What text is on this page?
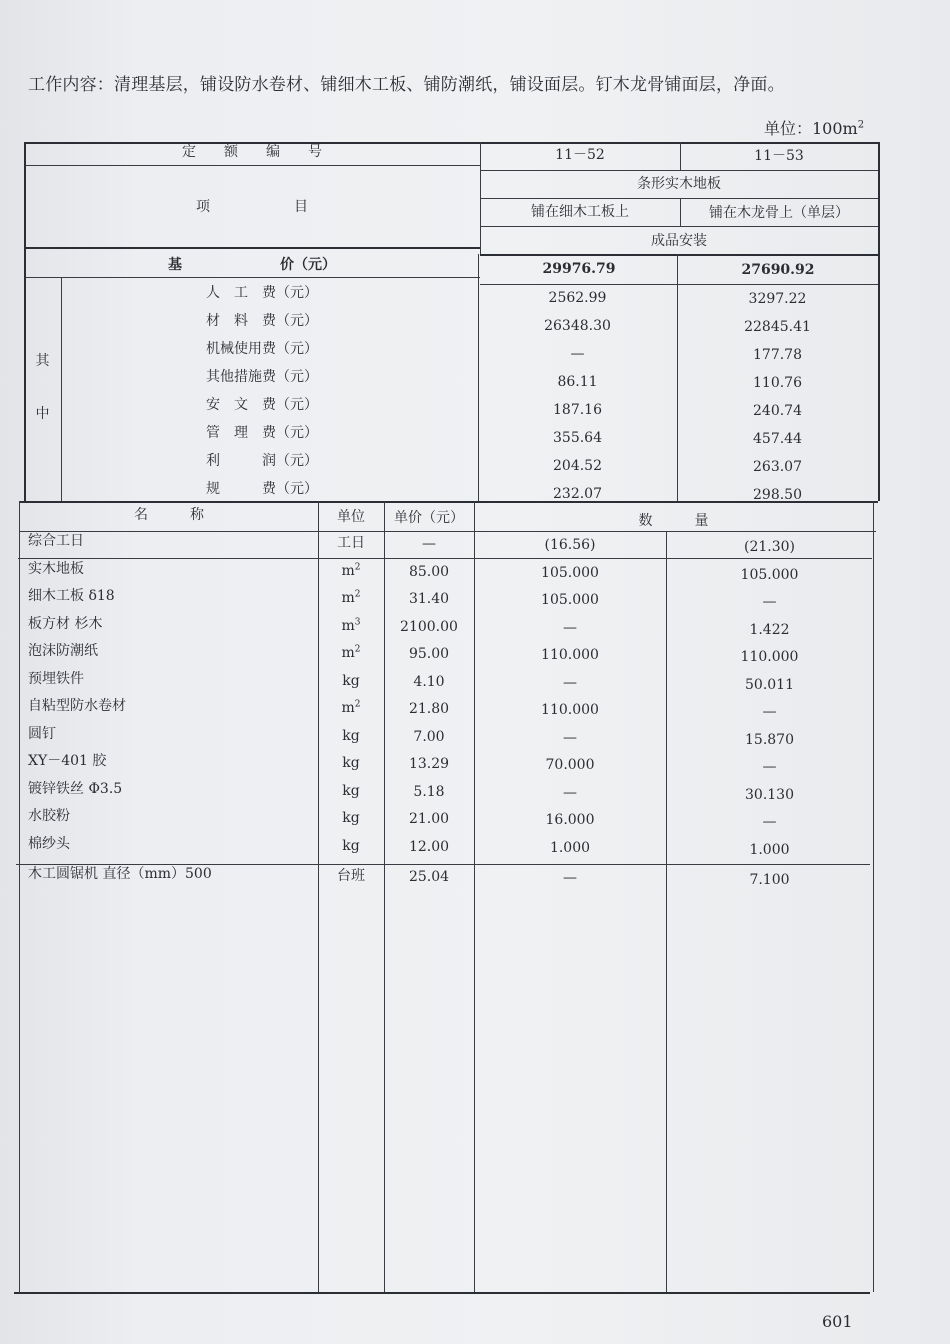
工作内容：清理基层，铺设防水卷材、铺细木工板、铺防潮纸，铺设面层。钉木龙骨铺面层，净面。
单位：$100m^2$
定　　额　　编　　号	11－52	11－53
条形实木地板
项　　　　　　目	铺在细木工板上	铺在木龙骨上（单层）
成品安装
基　　　　　　　价（元）	29976.79	27690.92
其
中
人　工　费（元）	2562.99	3297.22
材　料　费（元）	26348.30	22845.41
机械使用费（元）	—	177.78
其他措施费（元）	86.11	110.76
安　文　费（元）	187.16	240.74
管　理　费（元）	355.64	457.44
利　　　润（元）	204.52	263.07
规　　　费（元）	232.07	298.50
名　　　称	单位	单价（元）	数　　　量
综合工日	工日	—	(16.56)	(21.30)
实木地板	$m^2$	85.00	105.000	105.000
细木工板 δ18	$m^2$	31.40	105.000	—
板方材 杉木	$m^3$	2100.00	—	1.422
泡沫防潮纸	$m^2$	95.00	110.000	110.000
预埋铁件	kg	4.10	—	50.011
自粘型防水卷材	$m^2$	21.80	110.000	—
圆钉	kg	7.00	—	15.870
XY－401 胶	kg	13.29	70.000	—
镀锌铁丝 Φ3.5	kg	5.18	—	30.130
水胶粉	kg	21.00	16.000	—
棉纱头	kg	12.00	1.000	1.000
木工圆锯机 直径（mm）500	台班	25.04	—	7.100
601
